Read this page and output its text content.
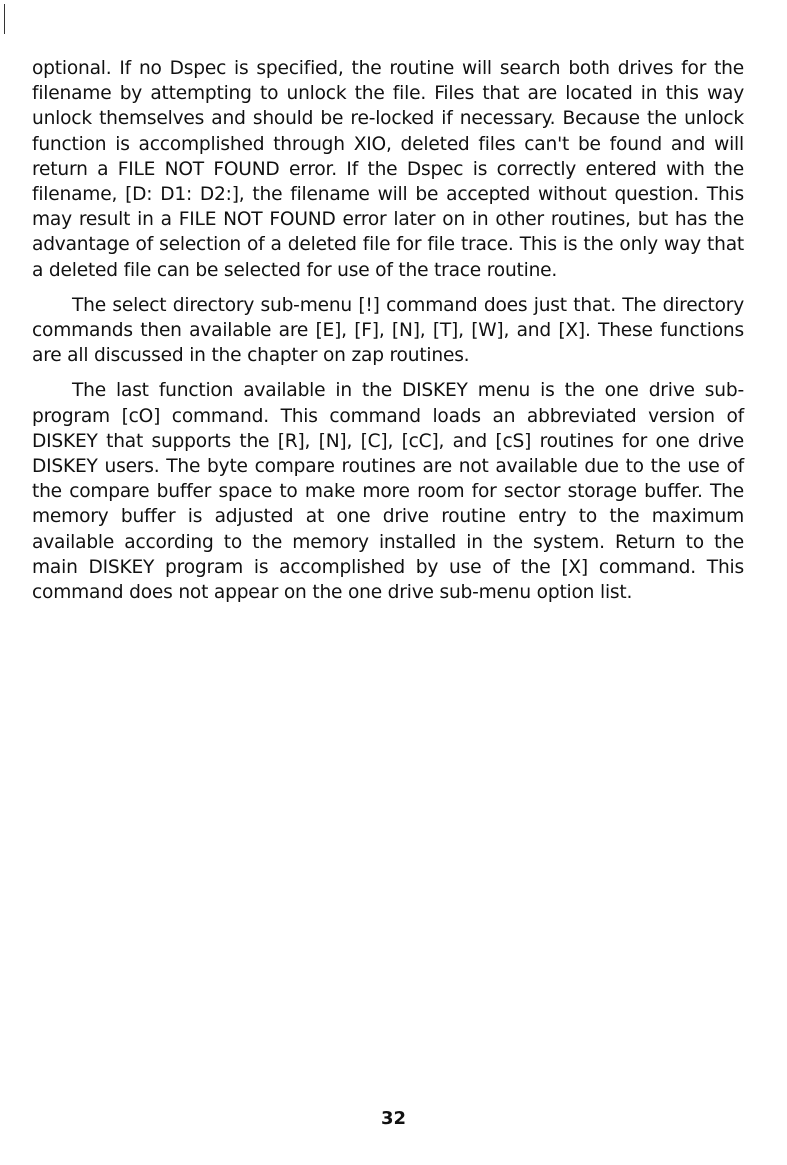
optional. If no Dspec is specified, the routine will search both drives for the filename by attempting to unlock the file. Files that are located in this way unlock themselves and should be re-locked if necessary. Because the unlock function is accomplished through XIO, deleted files can't be found and will return a FILE NOT FOUND error. If the Dspec is correctly entered with the filename, [D: D1: D2:], the filename will be accepted without question. This may result in a FILE NOT FOUND error later on in other routines, but has the advantage of selection of a deleted file for file trace. This is the only way that a deleted file can be selected for use of the trace routine.

The select directory sub-menu [!] command does just that. The directory commands then available are [E], [F], [N], [T], [W], and [X]. These functions are all discussed in the chapter on zap routines.

The last function available in the DISKEY menu is the one drive sub-program [cO] command. This command loads an abbreviated version of DISKEY that supports the [R], [N], [C], [cC], and [cS] routines for one drive DISKEY users. The byte compare routines are not available due to the use of the compare buffer space to make more room for sector storage buffer. The memory buffer is adjusted at one drive routine entry to the maximum available according to the memory installed in the system. Return to the main DISKEY program is accomplished by use of the [X] command. This command does not appear on the one drive sub-menu option list.

32
